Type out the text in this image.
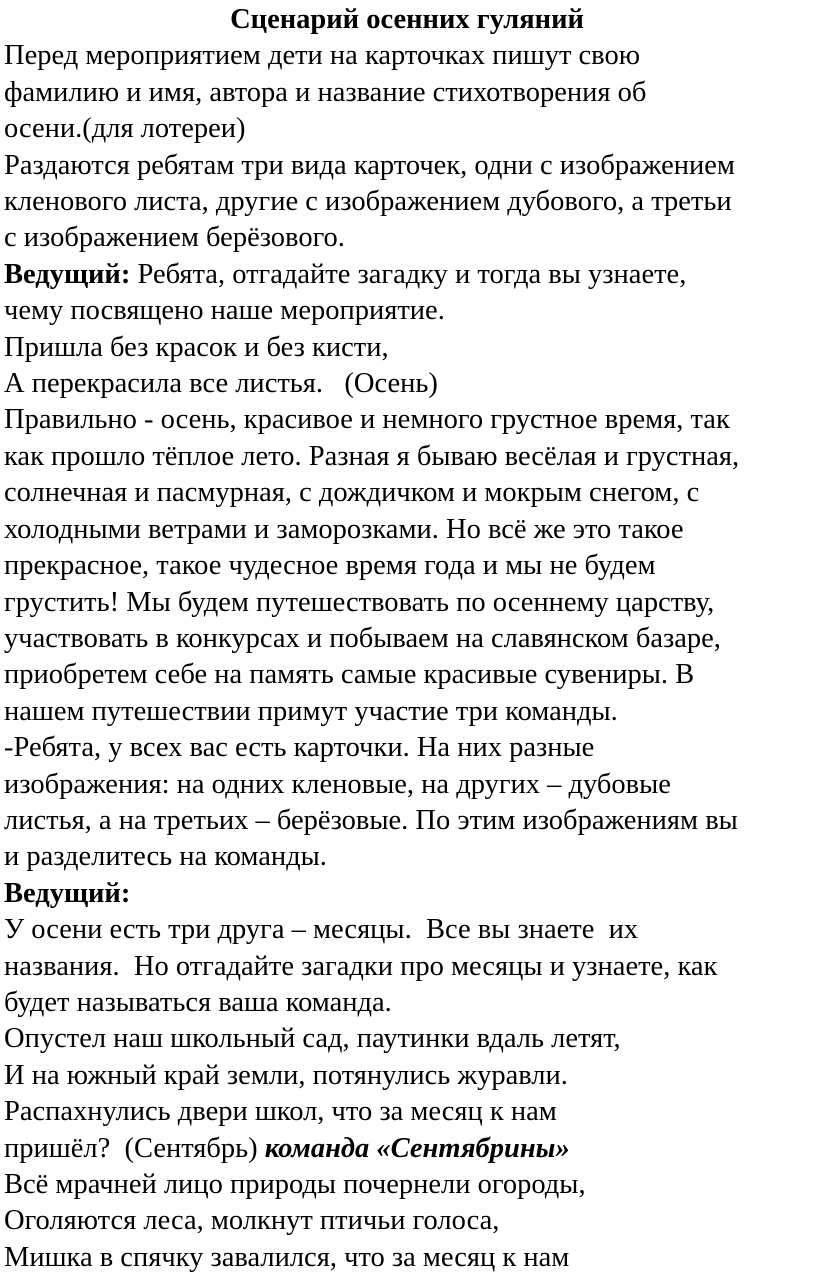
Сценарий осенних гуляний
Перед мероприятием дети на карточках пишут свою
фамилию и имя, автора и название стихотворения об
осени.(для лотереи)
Раздаются ребятам три вида карточек, одни с изображением
кленового листа, другие с изображением дубового, а третьи
с изображением берёзового.
Ведущий: Ребята, отгадайте загадку и тогда вы узнаете,
чему посвящено наше мероприятие.
Пришла без красок и без кисти,
А перекрасила все листья.   (Осень)
Правильно - осень, красивое и немного грустное время, так
как прошло тёплое лето. Разная я бываю весёлая и грустная,
солнечная и пасмурная, с дождичком и мокрым снегом, с
холодными ветрами и заморозками. Но всё же это такое
прекрасное, такое чудесное время года и мы не будем
грустить! Мы будем путешествовать по осеннему царству,
участвовать в конкурсах и побываем на славянском базаре,
приобретем себе на память самые красивые сувениры. В
нашем путешествии примут участие три команды.
-Ребята, у всех вас есть карточки. На них разные
изображения: на одних кленовые, на других – дубовые
листья, а на третьих – берёзовые. По этим изображениям вы
и разделитесь на команды.
Ведущий:
У осени есть три друга – месяцы.  Все вы знаете  их
названия.  Но отгадайте загадки про месяцы и узнаете, как
будет называться ваша команда.
Опустел наш школьный сад, паутинки вдаль летят,
И на южный край земли, потянулись журавли.
Распахнулись двери школ, что за месяц к нам
пришёл?  (Сентябрь) команда «Сентябрины»
Всё мрачней лицо природы почернели огороды,
Оголяются леса, молкнут птичьи голоса,
Мишка в спячку завалился, что за месяц к нам
